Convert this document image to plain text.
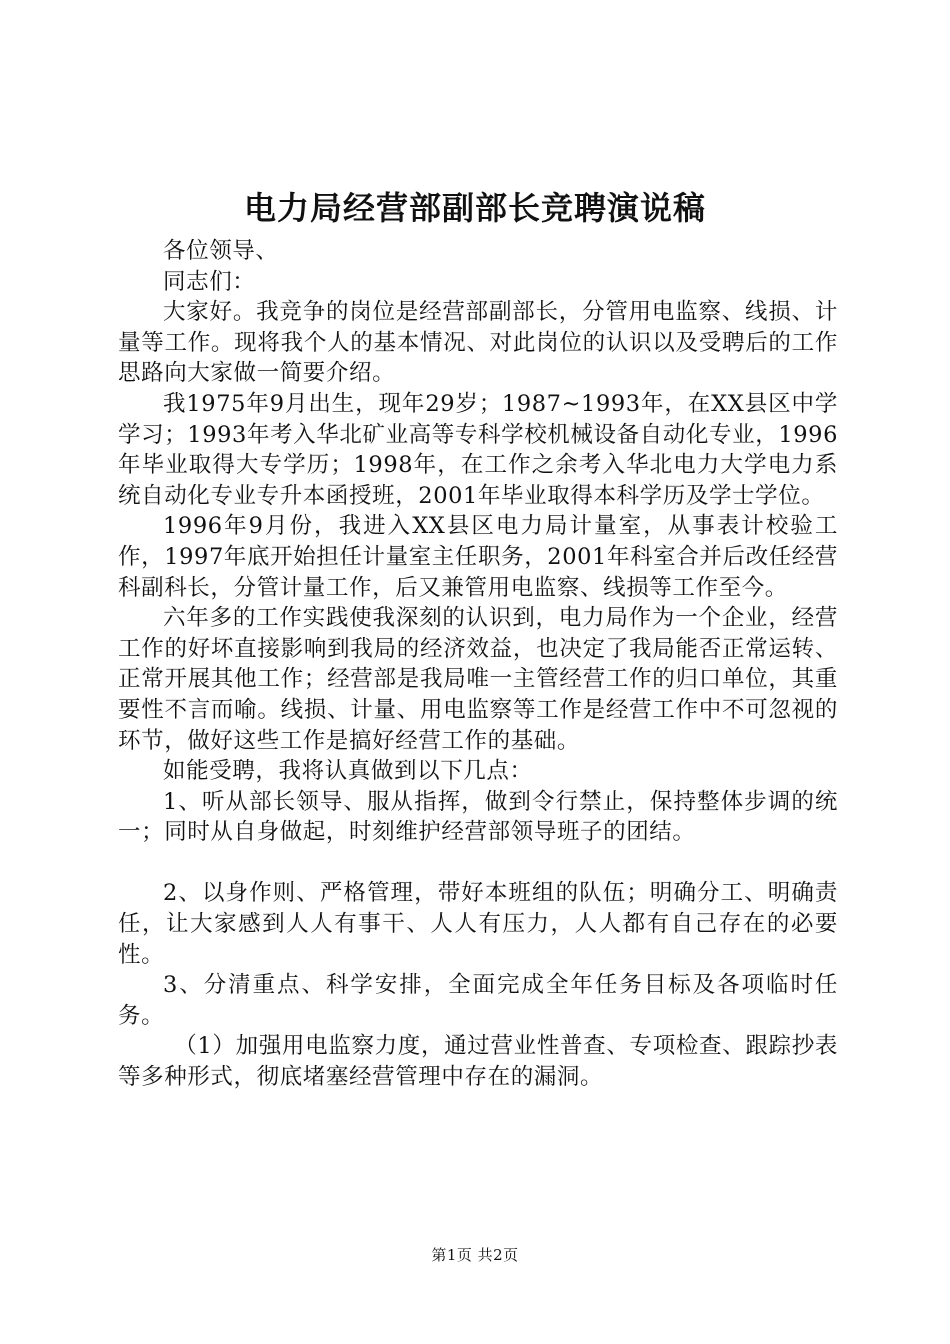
电力局经营部副部长竞聘演说稿

各位领导、

同志们：

大家好。我竞争的岗位是经营部副部长，分管用电监察、线损、计量等工作。现将我个人的基本情况、对此岗位的认识以及受聘后的工作思路向大家做一简要介绍。

我1975年9月出生，现年29岁；1987~1993年，在XX县区中学学习；1993年考入华北矿业高等专科学校机械设备自动化专业，1996年毕业取得大专学历；1998年，在工作之余考入华北电力大学电力系统自动化专业专升本函授班，2001年毕业取得本科学历及学士学位。

1996年9月份，我进入XX县区电力局计量室，从事表计校验工作，1997年底开始担任计量室主任职务，2001年科室合并后改任经营科副科长，分管计量工作，后又兼管用电监察、线损等工作至今。

六年多的工作实践使我深刻的认识到，电力局作为一个企业，经营工作的好坏直接影响到我局的经济效益，也决定了我局能否正常运转、正常开展其他工作；经营部是我局唯一主管经营工作的归口单位，其重要性不言而喻。线损、计量、用电监察等工作是经营工作中不可忽视的环节，做好这些工作是搞好经营工作的基础。

如能受聘，我将认真做到以下几点：

1、听从部长领导、服从指挥，做到令行禁止，保持整体步调的统一；同时从自身做起，时刻维护经营部领导班子的团结。

2、以身作则、严格管理，带好本班组的队伍；明确分工、明确责任，让大家感到人人有事干、人人有压力，人人都有自己存在的必要性。

3、分清重点、科学安排，全面完成全年任务目标及各项临时任务。

（1）加强用电监察力度，通过营业性普查、专项检查、跟踪抄表等多种形式，彻底堵塞经营管理中存在的漏洞。

第1页 共2页
